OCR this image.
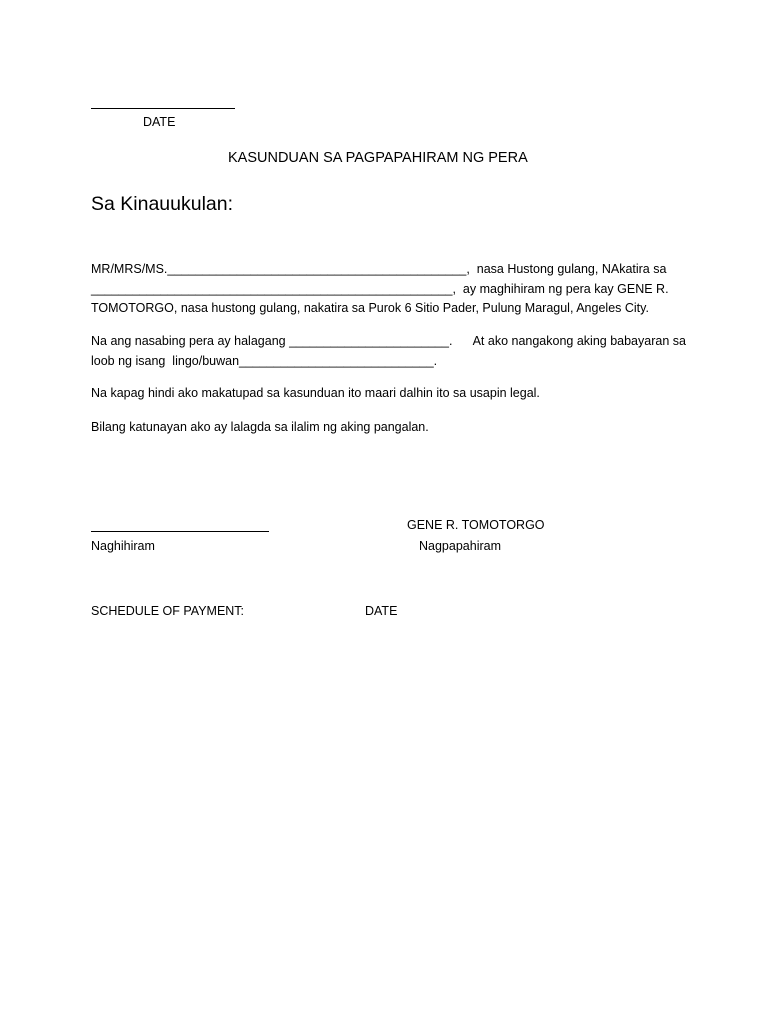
DATE
KASUNDUAN SA PAGPAPAHIRAM NG PERA
Sa Kinauukulan:
MR/MRS/MS.___________________________________________,  nasa Hustong gulang, NAkatira sa
____________________________________________________,  ay maghihiram ng pera kay GENE R.
TOMOTORGO, nasa hustong gulang, nakatira sa Purok 6 Sitio Pader, Pulung Maragul, Angeles City.
Na ang nasabing pera ay halagang _______________________.      At ako nangakong aking babayaran sa
loob ng isang  lingo/buwan____________________________.
Na kapag hindi ako makatupad sa kasunduan ito maari dalhin ito sa usapin legal.
Bilang katunayan ako ay lalagda sa ilalim ng aking pangalan.
Naghihiram
GENE R. TOMOTORGO
Nagpapahiram
SCHEDULE OF PAYMENT:	DATE
